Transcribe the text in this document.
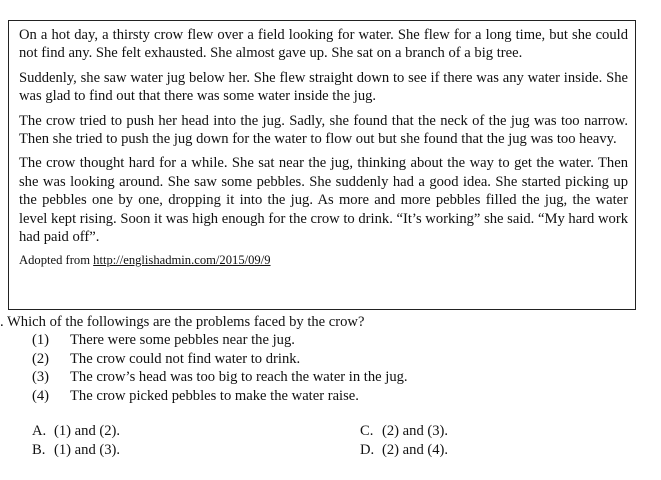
On a hot day, a thirsty crow flew over a field looking for water. She flew for a long time, but she could not find any. She felt exhausted. She almost gave up. She sat on a branch of a big tree.

Suddenly, she saw water jug below her. She flew straight down to see if there was any water inside. She was glad to find out that there was some water inside the jug.

The crow tried to push her head into the jug. Sadly, she found that the neck of the jug was too narrow. Then she tried to push the jug down for the water to flow out but she found that the jug was too heavy.

The crow thought hard for a while. She sat near the jug, thinking about the way to get the water. Then she was looking around. She saw some pebbles. She suddenly had a good idea. She started picking up the pebbles one by one, dropping it into the jug. As more and more pebbles filled the jug, the water level kept rising. Soon it was high enough for the crow to drink. “It’s working” she said. “My hard work had paid off”.

Adopted from http://englishadmin.com/2015/09/9
. Which of the followings are the problems faced by the crow?
(1)	There were some pebbles near the jug.
(2)	The crow could not find water to drink.
(3)	The crow’s head was too big to reach the water in the jug.
(4)	The crow picked pebbles to make the water raise.
A. (1) and (2).
B. (1) and (3).
C. (2) and (3).
D. (2) and (4).
